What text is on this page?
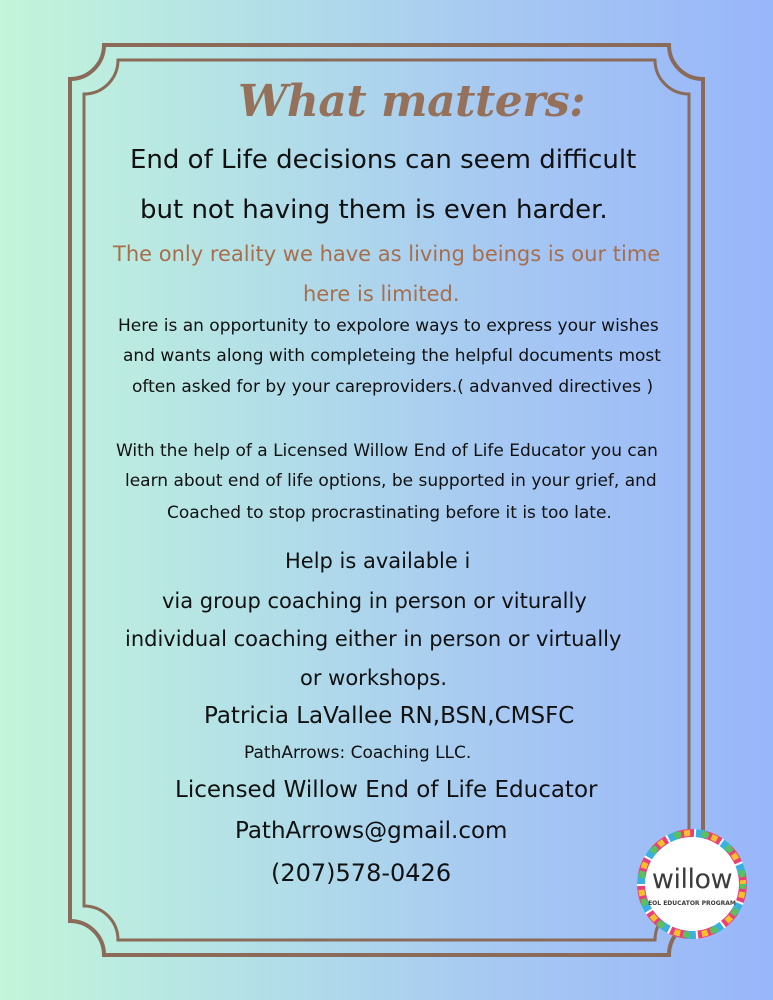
What matters:
End of Life decisions can seem difficult
but not having them is even harder.
The only reality we have as living beings is our time
here is limited.
Here is an opportunity to expolore ways to express your wishes
and wants along with completeing the helpful documents most
often asked for by your careproviders.( advanved directives )
With the help of a Licensed Willow End of Life Educator you can
learn about end of life options, be supported in your grief, and
Coached to stop procrastinating before it is too late.
Help is available i
via group coaching in person or viturally
individual coaching either in person or virtually
or workshops.
Patricia LaVallee RN,BSN,CMSFC
PathArrows: Coaching LLC.
Licensed Willow End of Life Educator
PathArrows@gmail.com
(207)578-0426	willow
EOL EDUCATOR PROGRAM
